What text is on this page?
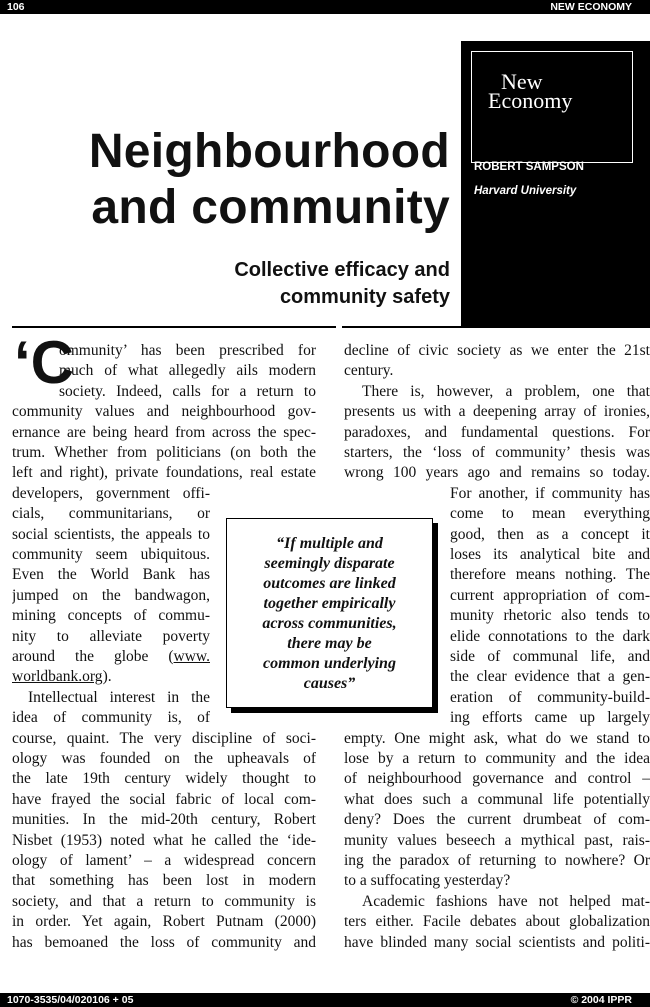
106	NEW ECONOMY
New
Economy
ROBERT SAMPSON
Harvard University
Neighbourhood
and community
Collective efficacy and
community safety
‘C
ommunity’ has been prescribed for
much of what allegedly ails modern
society. Indeed, calls for a return to
community values and neighbourhood gov-
ernance are being heard from across the spec-
trum. Whether from politicians (on both the
left and right), private foundations, real estate
developers, government offi-
cials, communitarians, or
social scientists, the appeals to
community seem ubiquitous.
Even the World Bank has
jumped on the bandwagon,
mining concepts of commu-
nity to alleviate poverty
around the globe (www.
worldbank.org).
Intellectual interest in the
idea of community is, of
course, quaint. The very discipline of soci-
ology was founded on the upheavals of
the late 19th century widely thought to
have frayed the social fabric of local com-
munities. In the mid-20th century, Robert
Nisbet (1953) noted what he called the ‘ide-
ology of lament’ – a widespread concern
that something has been lost in modern
society, and that a return to community is
in order. Yet again, Robert Putnam (2000)
has bemoaned the loss of community and
decline of civic society as we enter the 21st
century.
There is, however, a problem, one that
presents us with a deepening array of ironies,
paradoxes, and fundamental questions. For
starters, the ‘loss of community’ thesis was
wrong 100 years ago and remains so today.
For another, if community has
come to mean everything
good, then as a concept it
loses its analytical bite and
therefore means nothing. The
current appropriation of com-
munity rhetoric also tends to
elide connotations to the dark
side of communal life, and
the clear evidence that a gen-
eration of community-build-
ing efforts came up largely
empty. One might ask, what do we stand to
lose by a return to community and the idea
of neighbourhood governance and control –
what does such a communal life potentially
deny? Does the current drumbeat of com-
munity values beseech a mythical past, rais-
ing the paradox of returning to nowhere? Or
to a suffocating yesterday?
Academic fashions have not helped mat-
ters either. Facile debates about globalization
have blinded many social scientists and politi-
“If multiple and
seemingly disparate
outcomes are linked
together empirically
across communities,
there may be
common underlying
causes”
1070-3535/04/020106 + 05	© 2004 IPPR
